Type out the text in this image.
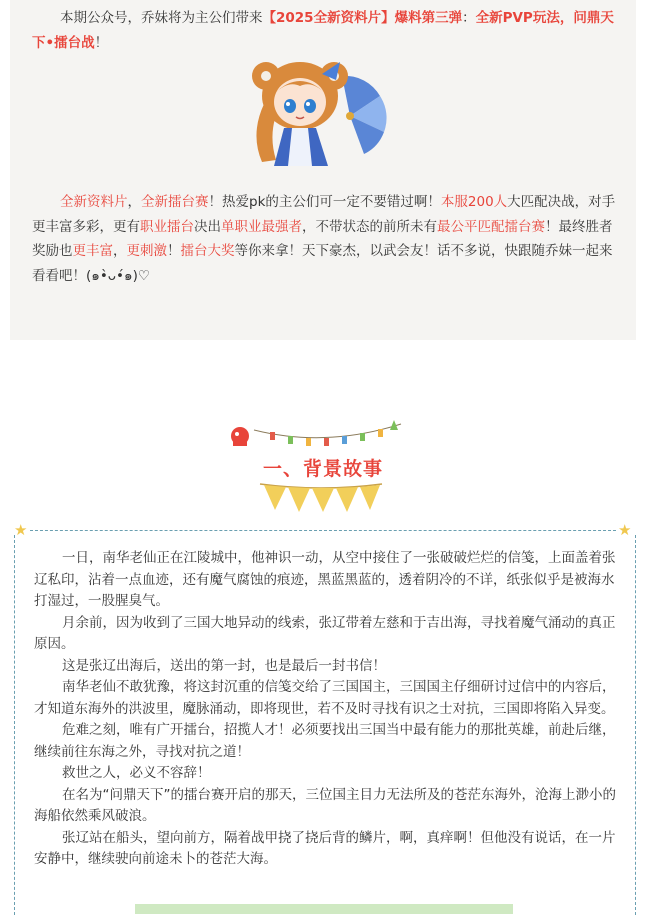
本期公众号，乔妹将为主公们带来【2025全新资料片】爆料第三弹：全新PVP玩法，问鼎天下•擂台战！
全新资料片，全新擂台赛！热爱pk的主公们可一定不要错过啊！本服200人大匹配决战，对手更丰富多彩，更有职业擂台决出单职业最强者，不带状态的前所未有最公平匹配擂台赛！最终胜者奖励也更丰富，更刺激！擂台大奖等你来拿！天下豪杰，以武会友！话不多说，快跟随乔妹一起来看看吧！(๑•̀ᴗ•́๑)♡
一、背景故事
★	★

一日，南华老仙正在江陵城中，他神识一动，从空中接住了一张破破烂烂的信笺，上面盖着张辽私印，沾着一点血迹，还有魔气腐蚀的痕迹，黑蓝黑蓝的，透着阴冷的不详，纸张似乎是被海水打湿过，一股腥臭气。

月余前，因为收到了三国大地异动的线索，张辽带着左慈和于吉出海，寻找着魔气涌动的真正原因。

这是张辽出海后，送出的第一封，也是最后一封书信！

南华老仙不敢犹豫，将这封沉重的信笺交给了三国国主，三国国主仔细研讨过信中的内容后，才知道东海外的洪波里，魔脉涌动，即将现世，若不及时寻找有识之士对抗，三国即将陷入异变。

危难之刻，唯有广开擂台，招揽人才！必须要找出三国当中最有能力的那批英雄，前赴后继，继续前往东海之外，寻找对抗之道！

救世之人，必义不容辞！

在名为“问鼎天下”的擂台赛开启的那天，三位国主目力无法所及的苍茫东海外，沧海上渺小的海船依然乘风破浪。

张辽站在船头，望向前方，隔着战甲挠了挠后背的鳞片，啊，真痒啊！但他没有说话，在一片安静中，继续驶向前途未卜的苍茫大海。
